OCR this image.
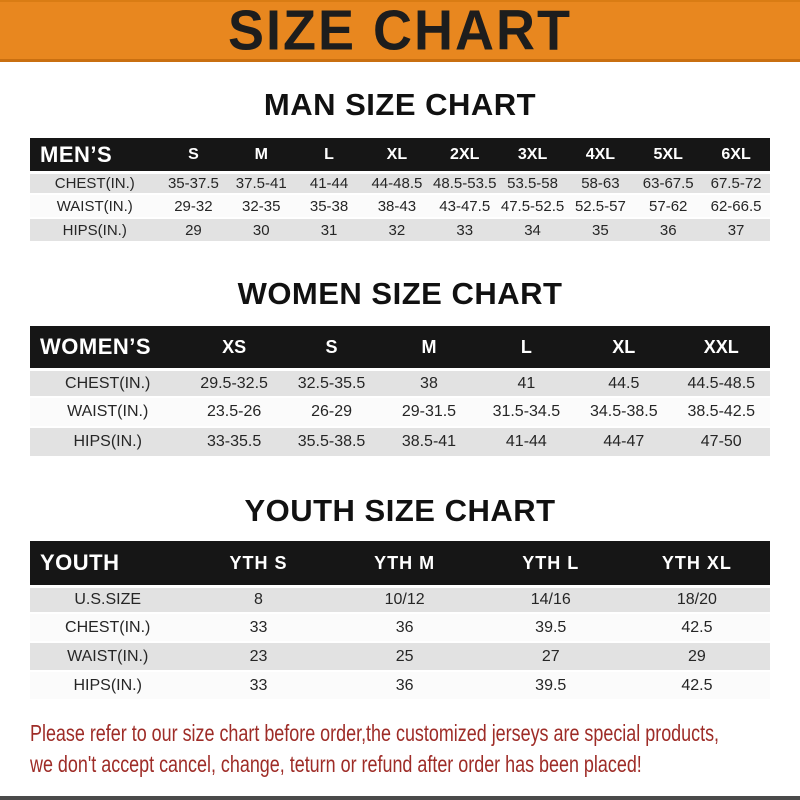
SIZE CHART
MAN SIZE CHART
MEN’S	S	M	L	XL	2XL	3XL	4XL	5XL	6XL
CHEST(IN.)	35-37.5	37.5-41	41-44	44-48.5	48.5-53.5	53.5-58	58-63	63-67.5	67.5-72
WAIST(IN.)	29-32	32-35	35-38	38-43	43-47.5	47.5-52.5	52.5-57	57-62	62-66.5
HIPS(IN.)	29	30	31	32	33	34	35	36	37
WOMEN SIZE CHART
WOMEN’S	XS	S	M	L	XL	XXL
CHEST(IN.)	29.5-32.5	32.5-35.5	38	41	44.5	44.5-48.5
WAIST(IN.)	23.5-26	26-29	29-31.5	31.5-34.5	34.5-38.5	38.5-42.5
HIPS(IN.)	33-35.5	35.5-38.5	38.5-41	41-44	44-47	47-50
YOUTH SIZE CHART
YOUTH	YTH S	YTH M	YTH L	YTH XL
U.S.SIZE	8	10/12	14/16	18/20
CHEST(IN.)	33	36	39.5	42.5
WAIST(IN.)	23	25	27	29
HIPS(IN.)	33	36	39.5	42.5
Please refer to our size chart before order,the customized jerseys are special products,
we don't accept cancel, change, teturn or refund after order has been placed!
